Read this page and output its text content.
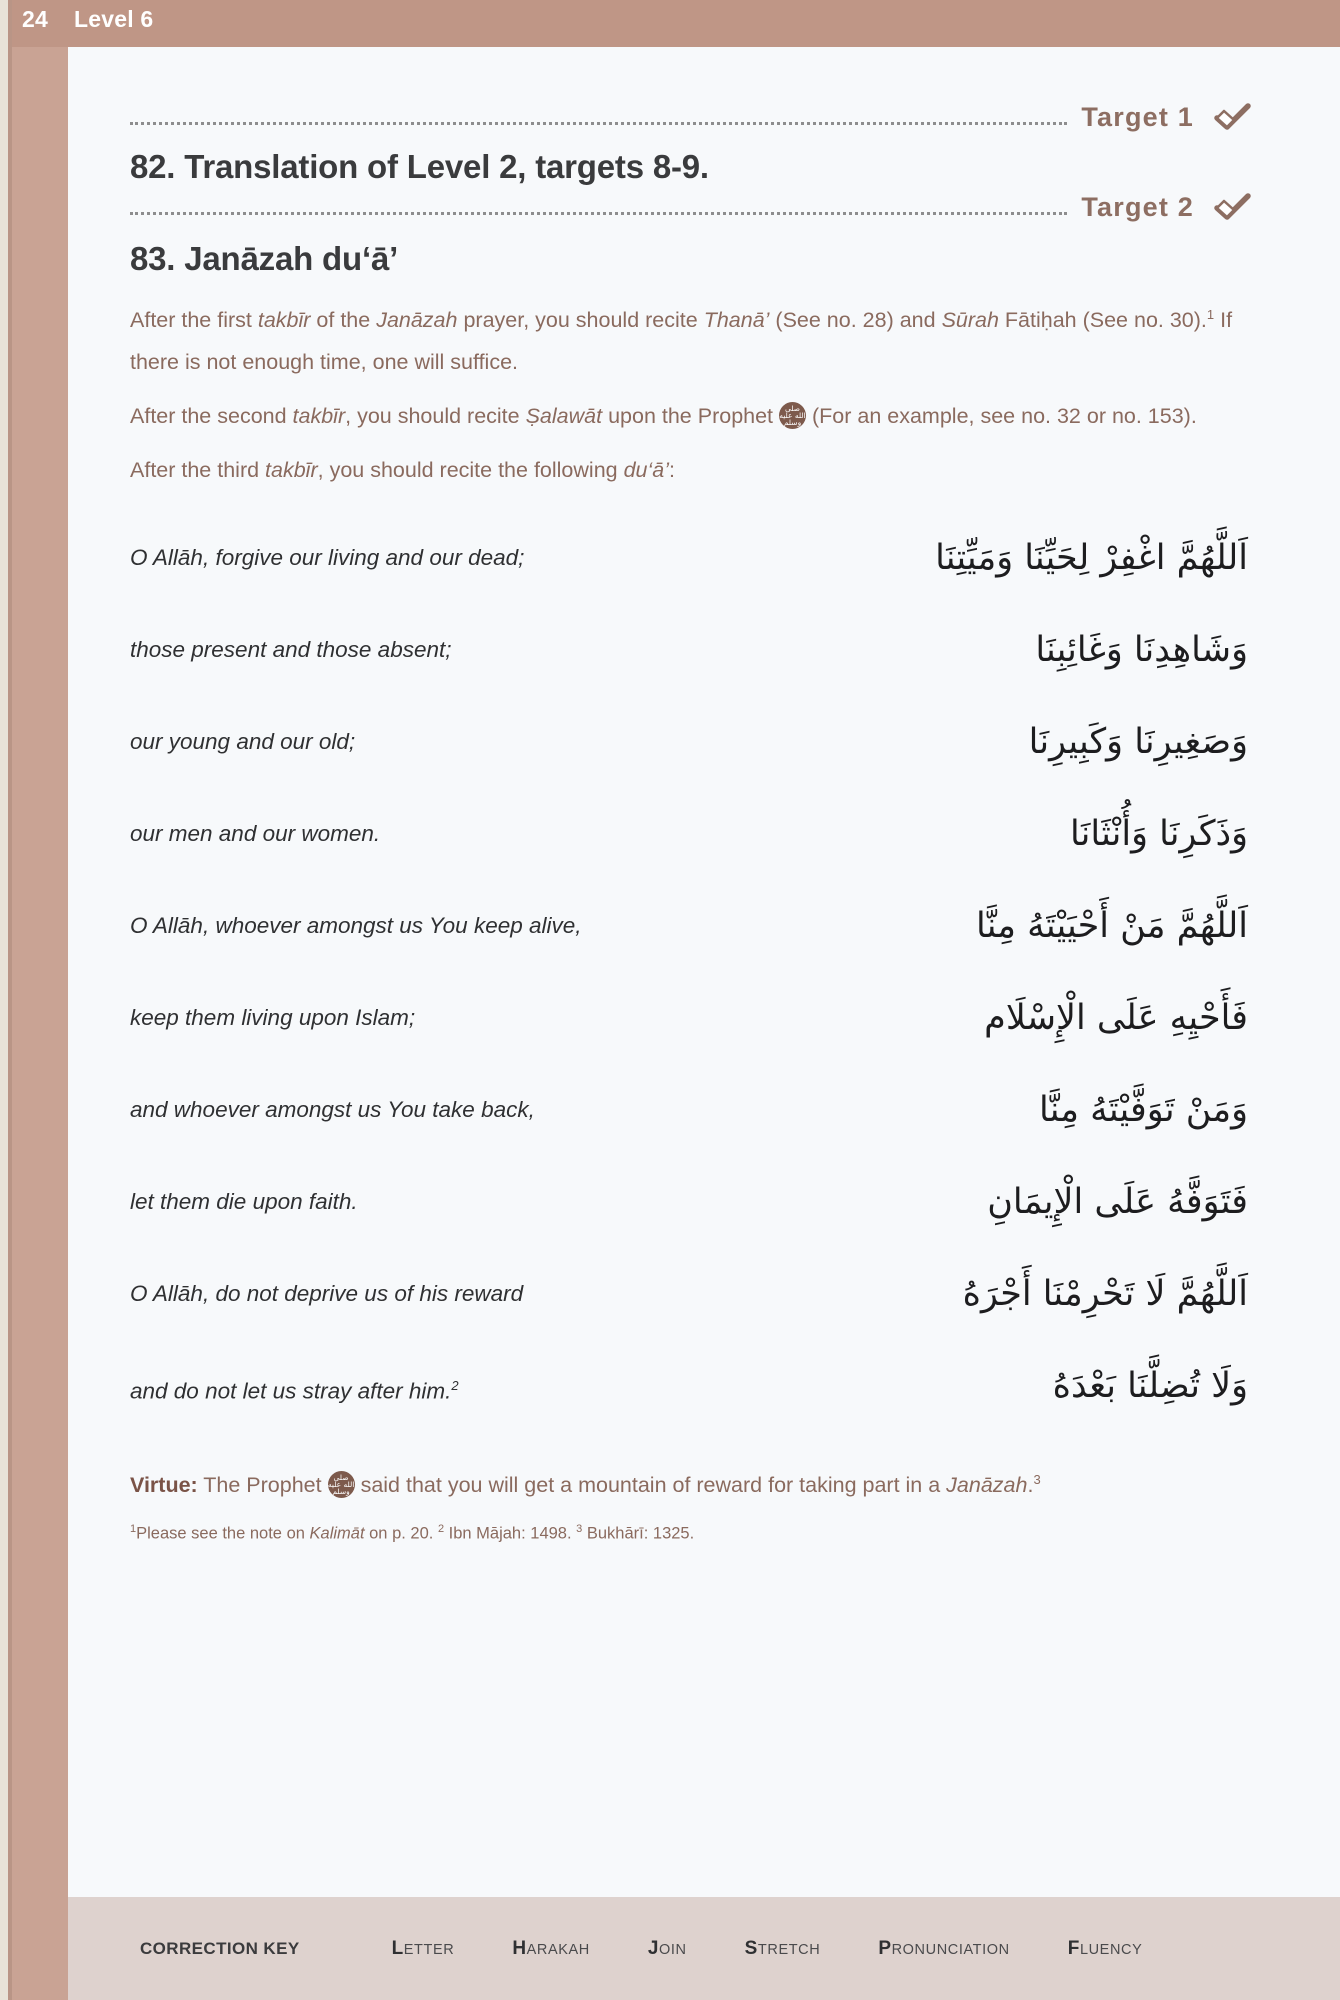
24 Level 6
Target 1
82. Translation of Level 2, targets 8-9.
Target 2
83. Janāzah du‘ā’

After the first takbīr of the Janāzah prayer, you should recite Thanā’ (See no. 28) and Sūrah Fātiḥah (See no. 30).$^1$ If there is not enough time, one will suffice.

After the second takbīr, you should recite Ṣalawāt upon the Prophet صلى
الله عليه
وسلم (For an example, see no. 32 or no. 153).

After the third takbīr, you should recite the following du‘ā’:

O Allāh, forgive our living and our dead;	اَللَّهُمَّ اغْفِرْ لِحَيِّنَا وَمَيِّتِنَا
those present and those absent;	وَشَاهِدِنَا وَغَائِبِنَا
our young and our old;	وَصَغِيرِنَا وَكَبِيرِنَا
our men and our women.	وَذَكَرِنَا وَأُنْثَانَا
O Allāh, whoever amongst us You keep alive,	اَللَّهُمَّ مَنْ أَحْيَيْتَهُ مِنَّا
keep them living upon Islam;	فَأَحْيِهِ عَلَى الْإِسْلَام
and whoever amongst us You take back,	وَمَنْ تَوَفَّيْتَهُ مِنَّا
let them die upon faith.	فَتَوَفَّهُ عَلَى الْإِيمَانِ
O Allāh, do not deprive us of his reward	اَللَّهُمَّ لَا تَحْرِمْنَا أَجْرَهُ
and do not let us stray after him.$^2$	وَلَا تُضِلَّنَا بَعْدَهُ
Virtue: The Prophet صلى
الله عليه
وسلم said that you will get a mountain of reward for taking part in a Janāzah.$^3$
$^1$Please see the note on Kalimāt on p. 20. $^2$ Ibn Mājah: 1498. $^3$ Bukhārī: 1325.
CORRECTION KEY	LETTER	HARAKAH	JOIN	STRETCH	PRONUNCIATION	FLUENCY
